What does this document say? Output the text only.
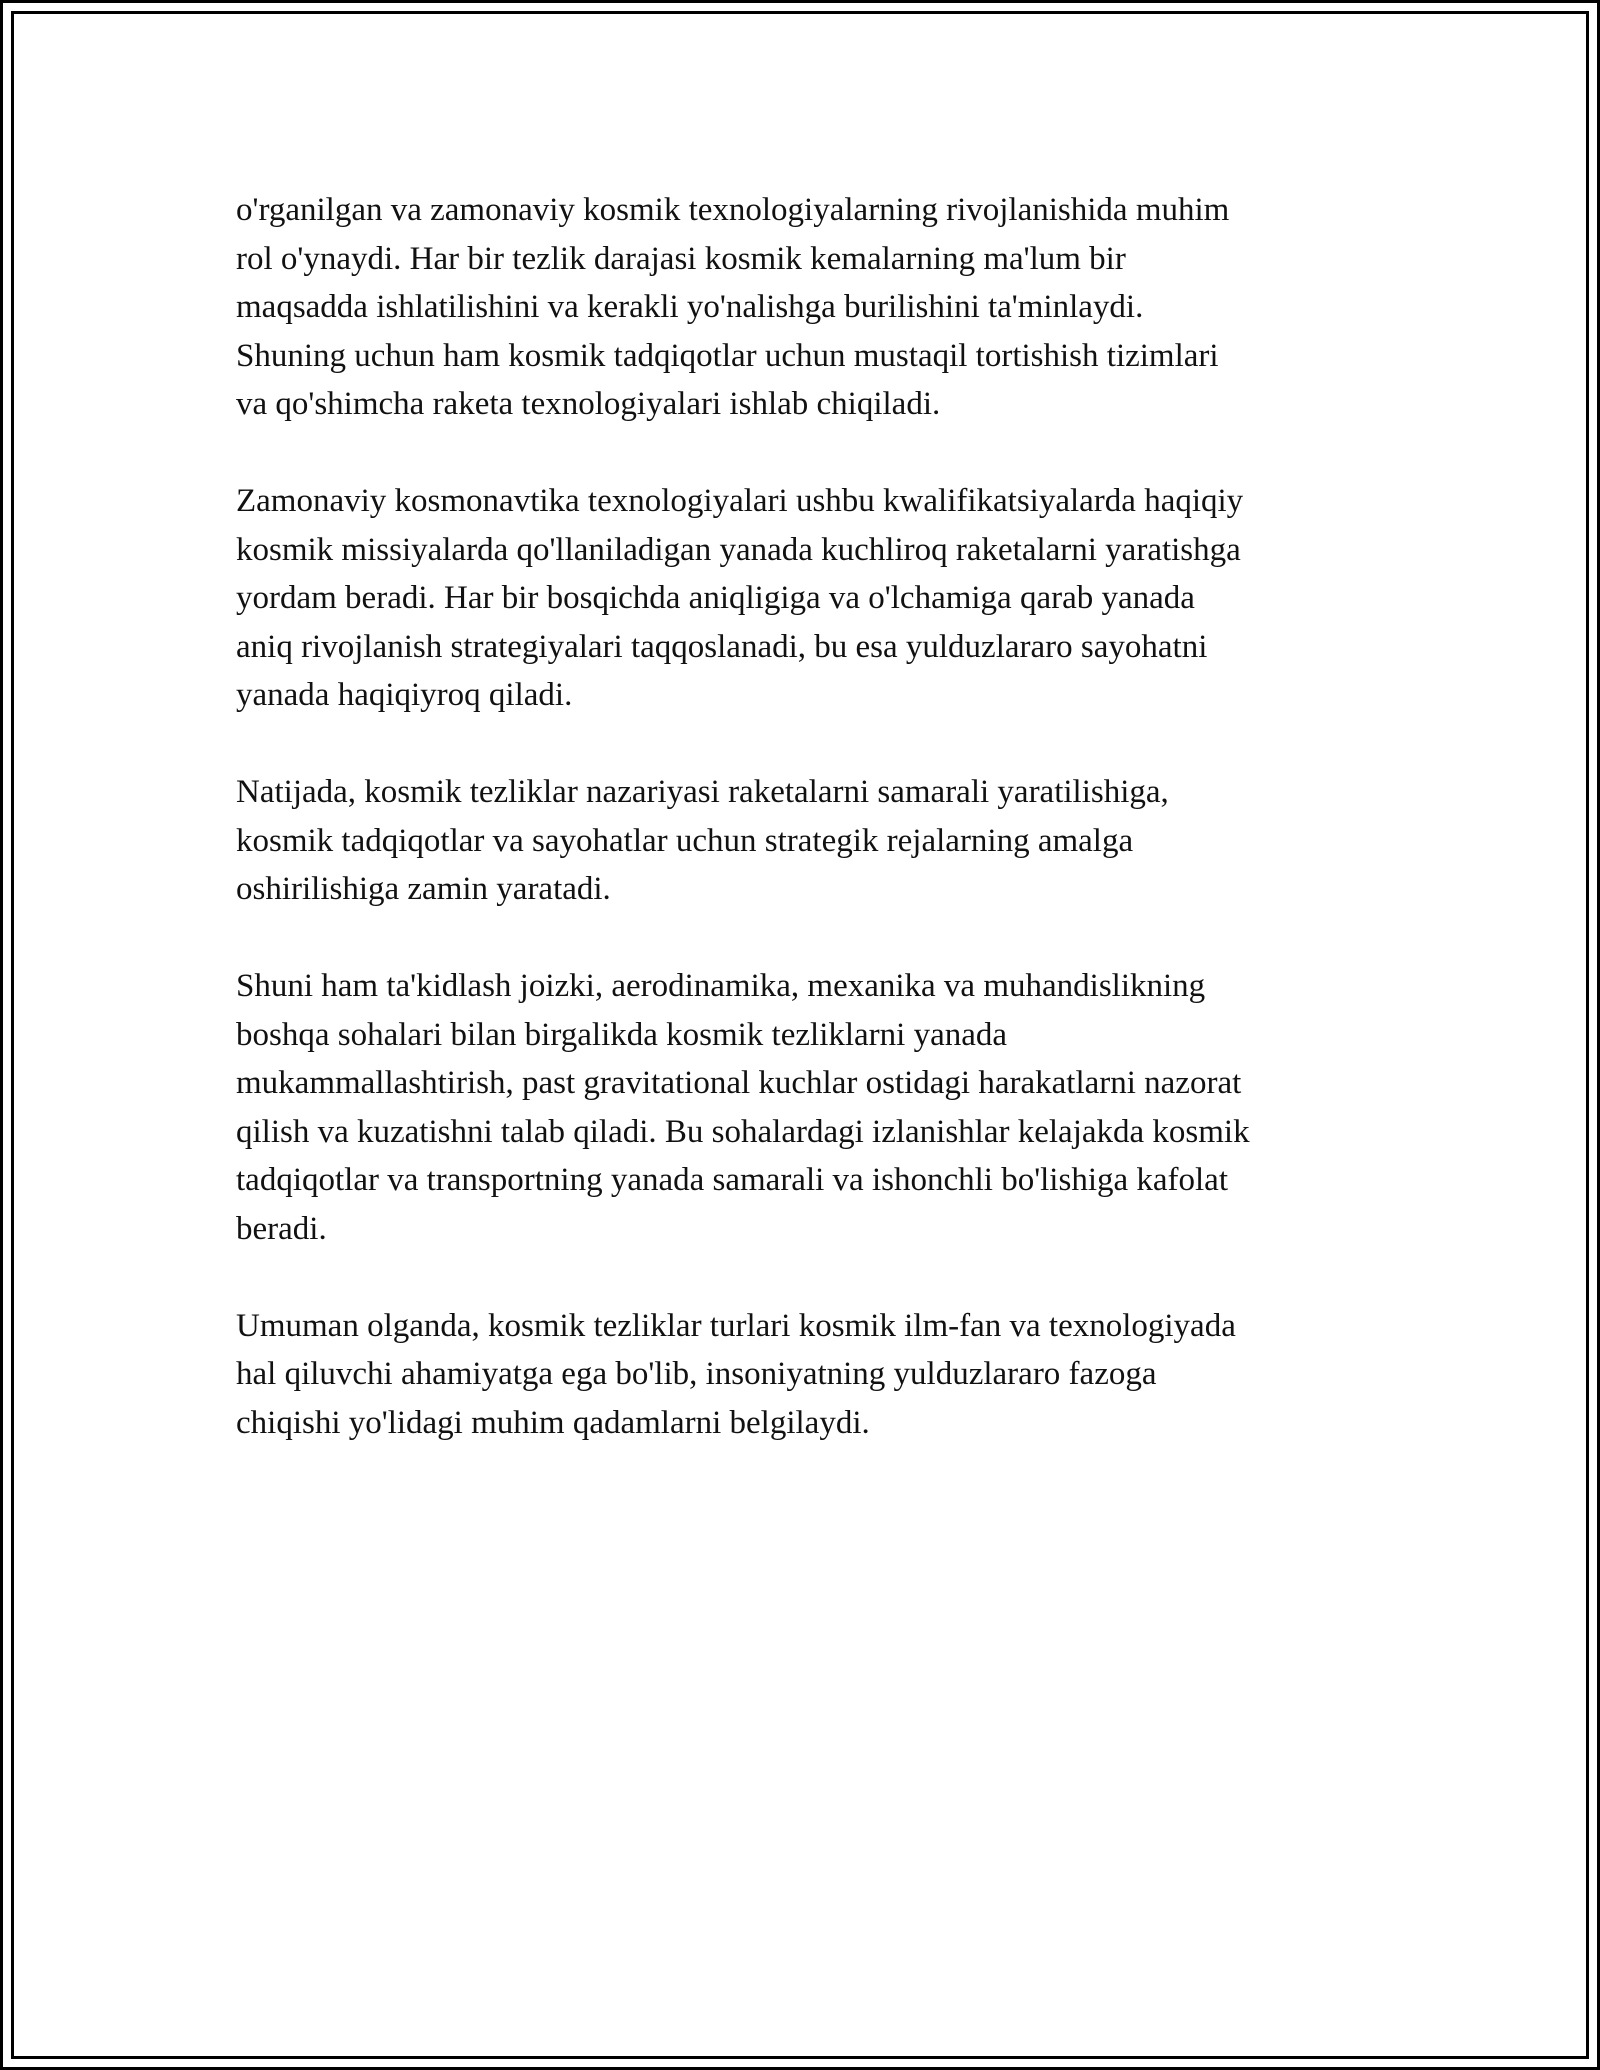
o'rganilgan va zamonaviy kosmik texnologiyalarning rivojlanishida muhim
rol o'ynaydi. Har bir tezlik darajasi kosmik kemalarning ma'lum bir
maqsadda ishlatilishini va kerakli yo'nalishga burilishini ta'minlaydi.
Shuning uchun ham kosmik tadqiqotlar uchun mustaqil tortishish tizimlari
va qo'shimcha raketa texnologiyalari ishlab chiqiladi.

Zamonaviy kosmonavtika texnologiyalari ushbu kwalifikatsiyalarda haqiqiy
kosmik missiyalarda qo'llaniladigan yanada kuchliroq raketalarni yaratishga
yordam beradi. Har bir bosqichda aniqligiga va o'lchamiga qarab yanada
aniq rivojlanish strategiyalari taqqoslanadi, bu esa yulduzlararo sayohatni
yanada haqiqiyroq qiladi.

Natijada, kosmik tezliklar nazariyasi raketalarni samarali yaratilishiga,
kosmik tadqiqotlar va sayohatlar uchun strategik rejalarning amalga
oshirilishiga zamin yaratadi.

Shuni ham ta'kidlash joizki, aerodinamika, mexanika va muhandislikning
boshqa sohalari bilan birgalikda kosmik tezliklarni yanada
mukammallashtirish, past gravitational kuchlar ostidagi harakatlarni nazorat
qilish va kuzatishni talab qiladi. Bu sohalardagi izlanishlar kelajakda kosmik
tadqiqotlar va transportning yanada samarali va ishonchli bo'lishiga kafolat
beradi.

Umuman olganda, kosmik tezliklar turlari kosmik ilm-fan va texnologiyada
hal qiluvchi ahamiyatga ega bo'lib, insoniyatning yulduzlararo fazoga
chiqishi yo'lidagi muhim qadamlarni belgilaydi.
